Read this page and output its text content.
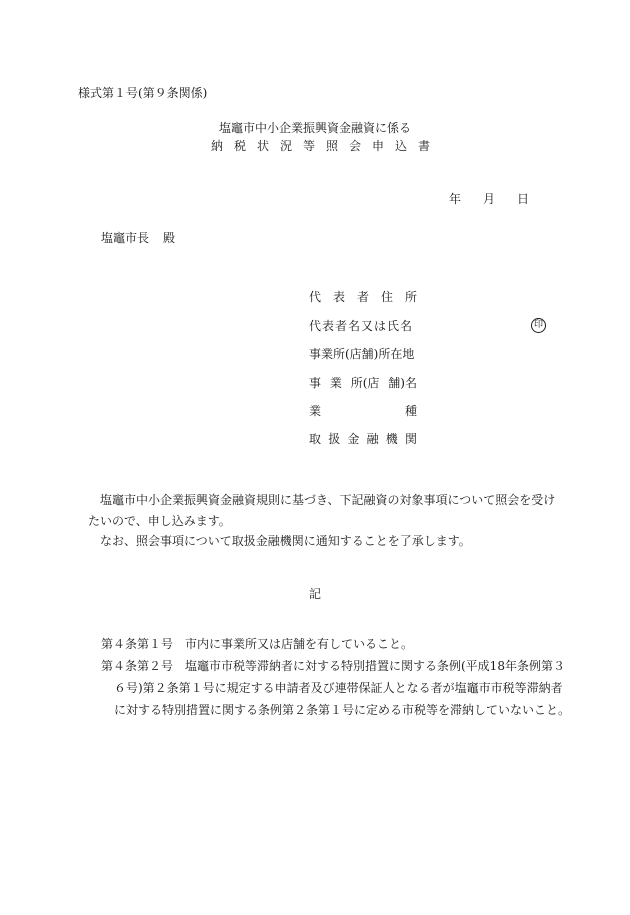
様式第１号(第９条関係)
塩竈市中小企業振興資金融資に係る
納税状況等照会申込書
年 月 日
塩竈市長 殿
代 表 者 住 所
代表者名又は氏名	印
事業所(店舗)所在地
事 業 所(店 舗)名
業	種
取 扱 金 融 機 関
塩竈市中小企業振興資金融資規則に基づき、下記融資の対象事項について照会を受けたいので、申し込みます。
なお、照会事項について取扱金融機関に通知することを了承します。
記
第４条第１号　市内に事業所又は店舗を有していること。
第４条第２号　塩竈市市税等滞納者に対する特別措置に関する条例(平成18年条例第３
６号)第２条第１号に規定する申請者及び連帯保証人となる者が塩竈市市税等滞納者
に対する特別措置に関する条例第２条第１号に定める市税等を滞納していないこと。
